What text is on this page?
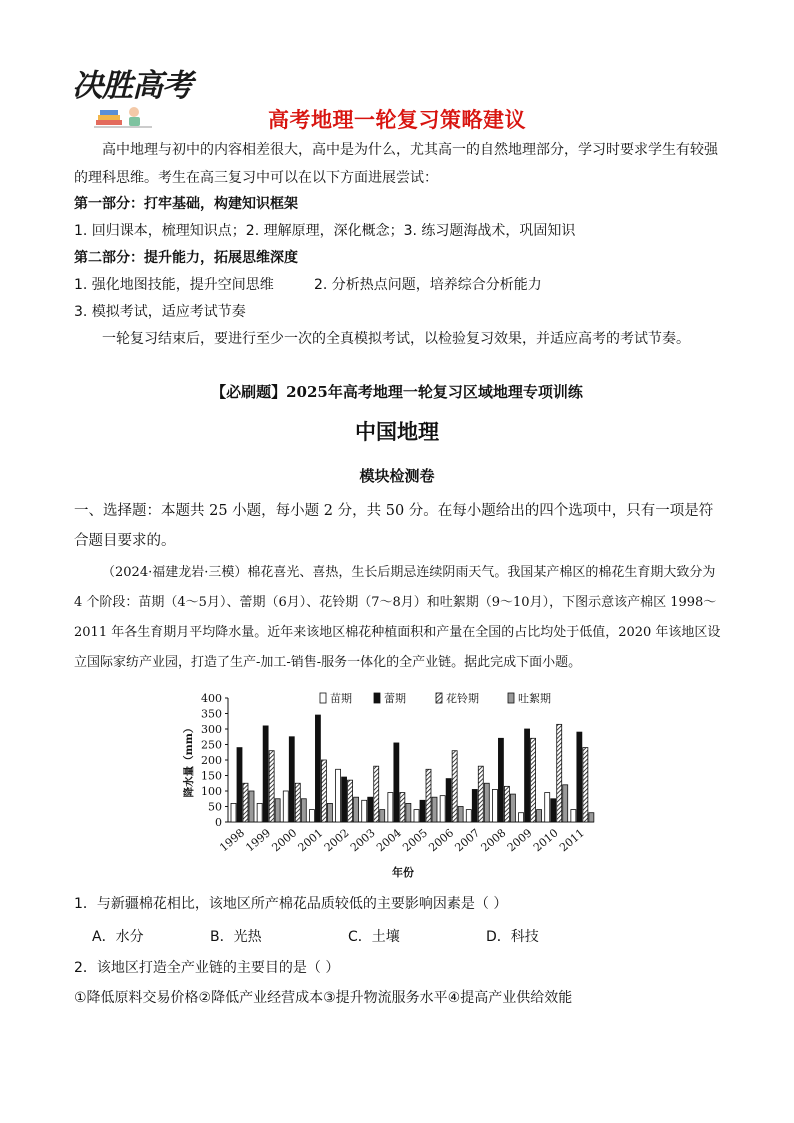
决胜高考
高考地理一轮复习策略建议
高中地理与初中的内容相差很大，高中是为什么，尤其高一的自然地理部分，学习时要求学生有较强的理科思维。考生在高三复习中可以在以下方面进展尝试：
第一部分：打牢基础，构建知识框架
1. 回归课本，梳理知识点；2. 理解原理，深化概念；3. 练习题海战术，巩固知识
第二部分：提升能力，拓展思维深度
1. 强化地图技能，提升空间思维	2. 分析热点问题，培养综合分析能力
3. 模拟考试，适应考试节奏
一轮复习结束后，要进行至少一次的全真模拟考试，以检验复习效果，并适应高考的考试节奏。
【必刷题】2025年高考地理一轮复习区域地理专项训练
中国地理
模块检测卷
一、选择题：本题共 25 小题，每小题 2 分，共 50 分。在每小题给出的四个选项中，只有一项是符合题目要求的。
（2024·福建龙岩·三模）棉花喜光、喜热，生长后期忌连续阴雨天气。我国某产棉区的棉花生育期大致分为 4 个阶段：苗期（4～5月）、蕾期（6月）、花铃期（7～8月）和吐絮期（9～10月），下图示意该产棉区 1998～2011 年各生育期月平均降水量。近年来该地区棉花种植面积和产量在全国的占比均处于低值，2020 年该地区设立国际家纺产业园，打造了生产-加工-销售-服务一体化的全产业链。据此完成下面小题。
0
50
100
150
200
250
300
350
400
降水量（mm）
1998
1999
2000
2001
2002
2003
2004
2005
2006
2007
2008
2009
2010
2011
年份
苗期	蕾期	花铃期	吐絮期
1．与新疆棉花相比，该地区所产棉花品质较低的主要影响因素是（ ）
A．水分	B．光热	C．土壤	D．科技
2．该地区打造全产业链的主要目的是（ ）
①降低原料交易价格②降低产业经营成本③提升物流服务水平④提高产业供给效能
